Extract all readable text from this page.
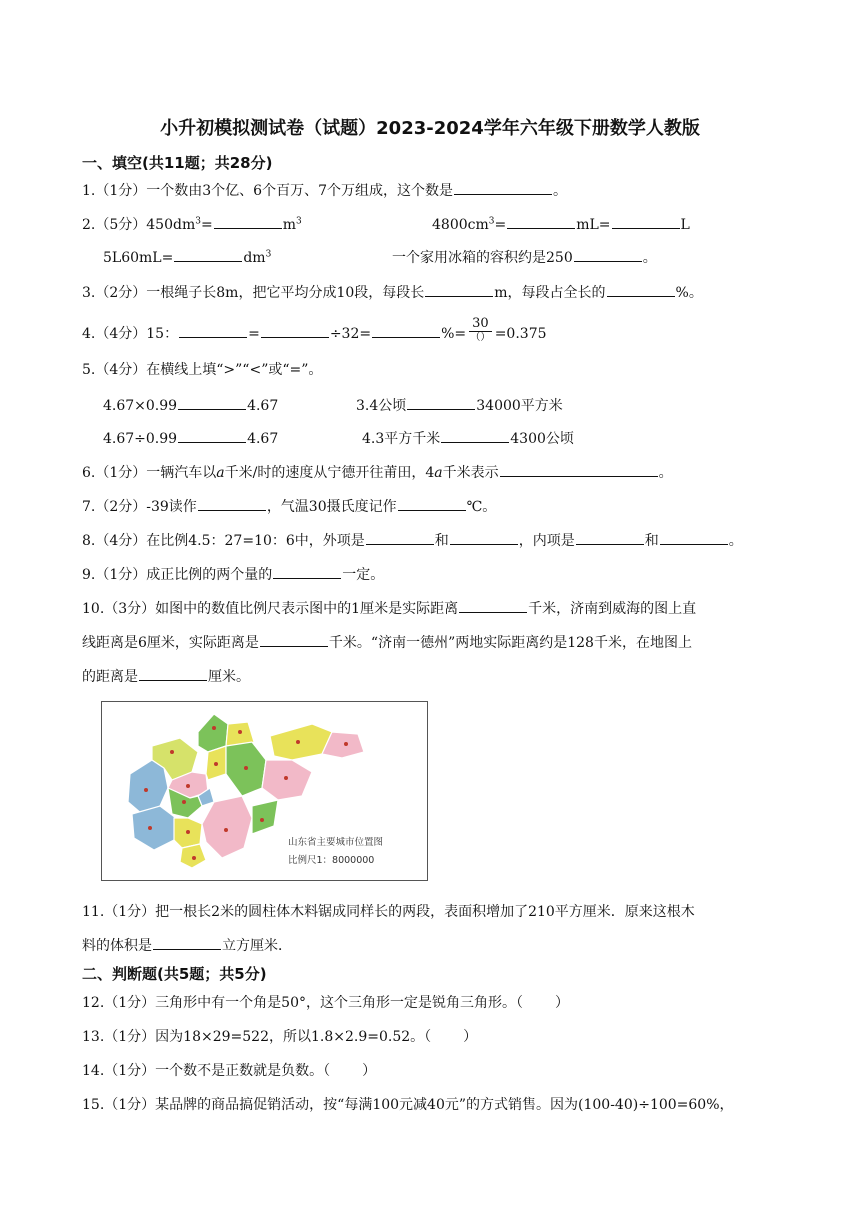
小升初模拟测试卷（试题）2023-2024学年六年级下册数学人教版
一、填空(共11题；共28分)
1.（1分）一个数由3个亿、6个百万、7个万组成，这个数是	。
2.（5分）$450dm^3=$	$m^3$	$4800cm^3=$	mL=	L
5L60mL=	$dm^3$	一个家用冰箱的容积约是250	。
3.（2分）一根绳子长8m，把它平均分成10段，每段长	m，每段占全长的	%。
4.（4分）15：	=	÷32=	%= $\frac{30}{()} =0.375$
5.（4分）在横线上填“>”“<”或“=”。
4.67×0.99	4.67	3.4公顷	34000平方米
4.67÷0.99	4.67	4.3平方千米	4300公顷
6.（1分）一辆汽车以a千米/时的速度从宁德开往莆田，4a千米表示	。
7.（2分）-39读作	，气温30摄氏度记作	℃。
8.（4分）在比例4.5：27=10：6中，外项是	和	，内项是	和	。
9.（1分）成正比例的两个量的	一定。
10.（3分）如图中的数值比例尺表示图中的1厘米是实际距离	千米，济南到威海的图上直
线距离是6厘米，实际距离是	千米。“济南一德州”两地实际距离约是128千米，在地图上
的距离是	厘米。
山东省主要城市位置图
比例尺1：8000000
11.（1分）把一根长2米的圆柱体木料锯成同样长的两段，表面积增加了210平方厘米．原来这根木
料的体积是	立方厘米．
二、判断题(共5题；共5分)
12.（1分）三角形中有一个角是50°，这个三角形一定是锐角三角形。（ ）
13.（1分）因为18×29=522，所以1.8×2.9=0.52。（ ）
14.（1分）一个数不是正数就是负数。（ ）
15.（1分）某品牌的商品搞促销活动，按“每满100元减40元”的方式销售。因为(100-40)÷100=60%，
